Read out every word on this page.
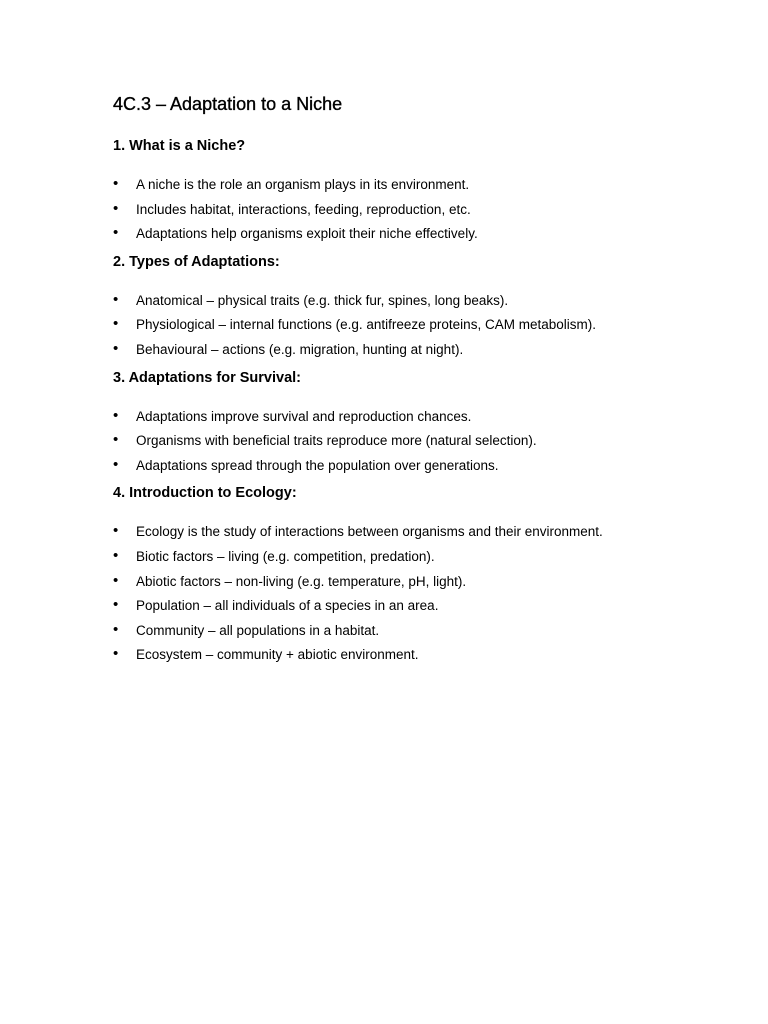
4C.3 – Adaptation to a Niche
1. What is a Niche?
• A niche is the role an organism plays in its environment.
• Includes habitat, interactions, feeding, reproduction, etc.
• Adaptations help organisms exploit their niche effectively.
2. Types of Adaptations:
• Anatomical – physical traits (e.g. thick fur, spines, long beaks).
• Physiological – internal functions (e.g. antifreeze proteins, CAM metabolism).
• Behavioural – actions (e.g. migration, hunting at night).
3. Adaptations for Survival:
• Adaptations improve survival and reproduction chances.
• Organisms with beneficial traits reproduce more (natural selection).
• Adaptations spread through the population over generations.
4. Introduction to Ecology:
• Ecology is the study of interactions between organisms and their environment.
• Biotic factors – living (e.g. competition, predation).
• Abiotic factors – non-living (e.g. temperature, pH, light).
• Population – all individuals of a species in an area.
• Community – all populations in a habitat.
• Ecosystem – community + abiotic environment.
